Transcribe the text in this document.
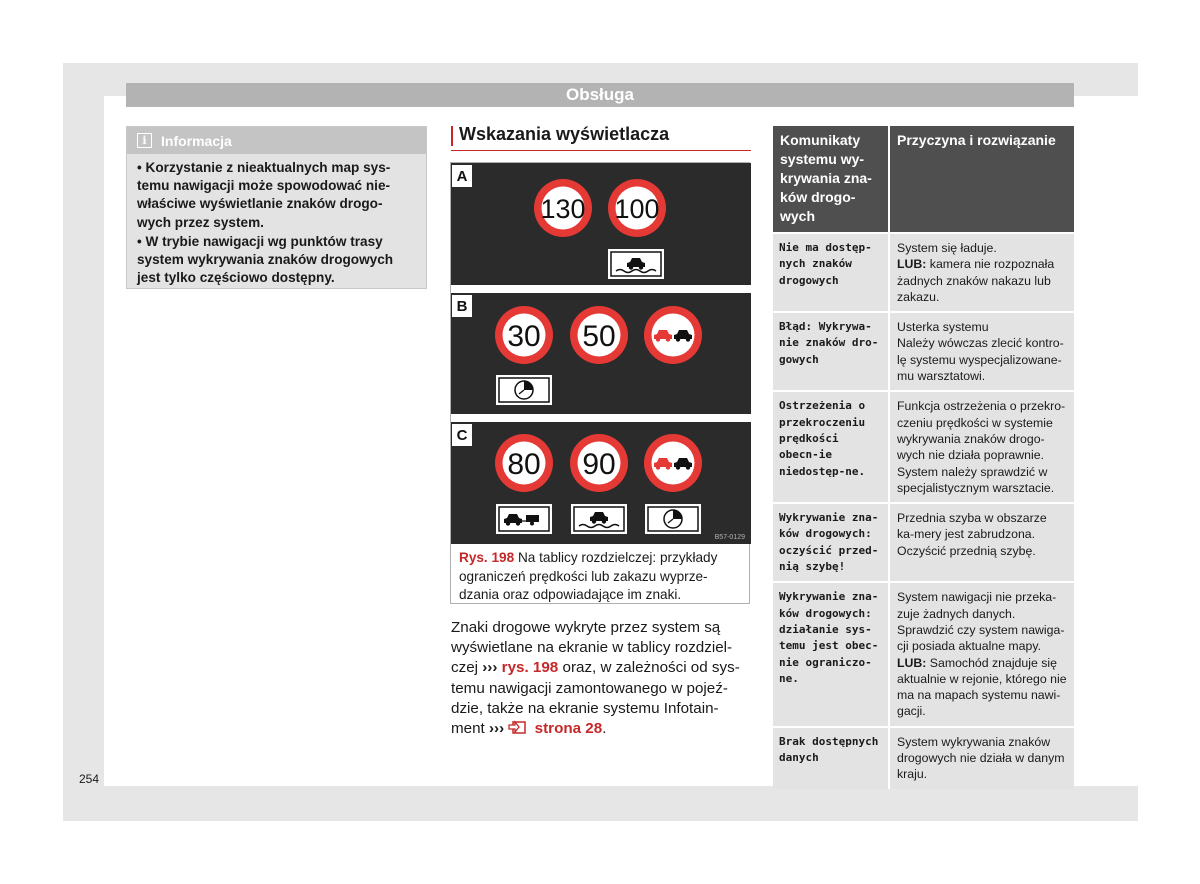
Obsługa
i	Informacja

• Korzystanie z nieaktualnych map sys-
temu nawigacji może spowodować nie-
właściwe wyświetlanie znaków drogo-
wych przez system.

• W trybie nawigacji wg punktów trasy
system wykrywania znaków drogowych
jest tylko częściowo dostępny.

Wskazania wyświetlacza
A
130 100
B
30 50
C
80 90
B57-0129
Rys. 198 Na tablicy rozdzielczej: przykłady ograniczeń prędkości lub zakazu wyprze-dzania oraz odpowiadające im znaki.
Znaki drogowe wykryte przez system są wyświetlane na ekranie w tablicy rozdziel-czej ››› rys. 198 oraz, w zależności od sys-temu nawigacji zamontowanego w pojeź-dzie, także na ekranie systemu Infotain-ment ››› strona 28.
Komunikaty systemu wy-krywania zna-ków drogo-wych
Przyczyna i rozwiązanie
Nie ma dostęp-nych znaków drogowych
System się ładuje.
LUB: kamera nie rozpoznała żadnych znaków nakazu lub zakazu.
Błąd: Wykrywa-nie znaków dro-gowych
Usterka systemu
Należy wówczas zlecić kontro-lę systemu wyspecjalizowane-mu warsztatowi.
Ostrzeżenia o przekroczeniu prędkości obecn-ie niedostęp-ne.
Funkcja ostrzeżenia o przekro-czeniu prędkości w systemie wykrywania znaków drogo-wych nie działa poprawnie.
System należy sprawdzić w specjalistycznym warsztacie.
Wykrywanie zna-ków drogowych: oczyścić przed-nią szybę!
Przednia szyba w obszarze ka-mery jest zabrudzona.
Oczyścić przednią szybę.
Wykrywanie zna-ków drogowych: działanie sys-temu jest obec-nie ograniczo-ne.
System nawigacji nie przeka-zuje żadnych danych.
Sprawdzić czy system nawiga-cji posiada aktualne mapy.
LUB: Samochód znajduje się aktualnie w rejonie, którego nie ma na mapach systemu nawi-gacji.
Brak dostępnych danych
System wykrywania znaków drogowych nie działa w danym kraju.
254
